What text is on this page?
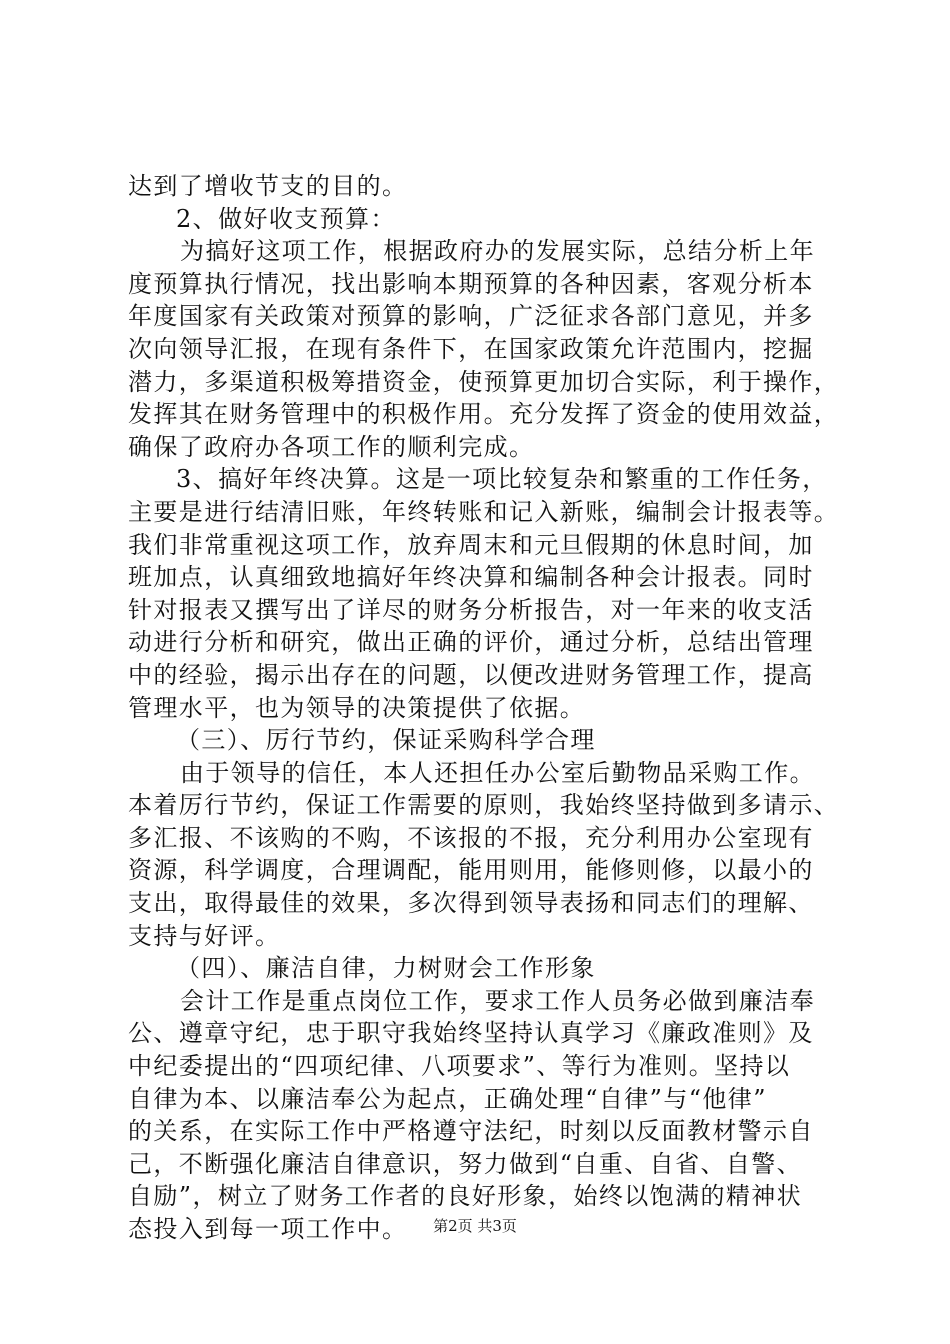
达到了增收节支的目的。
2、做好收支预算：
为搞好这项工作，根据政府办的发展实际，总结分析上年
度预算执行情况，找出影响本期预算的各种因素，客观分析本
年度国家有关政策对预算的影响，广泛征求各部门意见，并多
次向领导汇报，在现有条件下，在国家政策允许范围内，挖掘
潜力，多渠道积极筹措资金，使预算更加切合实际，利于操作，
发挥其在财务管理中的积极作用。充分发挥了资金的使用效益，
确保了政府办各项工作的顺利完成。
3、搞好年终决算。这是一项比较复杂和繁重的工作任务，
主要是进行结清旧账，年终转账和记入新账，编制会计报表等。
我们非常重视这项工作，放弃周末和元旦假期的休息时间，加
班加点，认真细致地搞好年终决算和编制各种会计报表。同时
针对报表又撰写出了详尽的财务分析报告，对一年来的收支活
动进行分析和研究，做出正确的评价，通过分析，总结出管理
中的经验，揭示出存在的问题，以便改进财务管理工作，提高
管理水平，也为领导的决策提供了依据。
（三）、厉行节约，保证采购科学合理
由于领导的信任，本人还担任办公室后勤物品采购工作。
本着厉行节约，保证工作需要的原则，我始终坚持做到多请示、
多汇报、不该购的不购，不该报的不报，充分利用办公室现有
资源，科学调度，合理调配，能用则用，能修则修，以最小的
支出，取得最佳的效果，多次得到领导表扬和同志们的理解、
支持与好评。
（四）、廉洁自律，力树财会工作形象
会计工作是重点岗位工作，要求工作人员务必做到廉洁奉
公、遵章守纪，忠于职守我始终坚持认真学习《廉政准则》及
中纪委提出的“四项纪律、八项要求”、等行为准则。坚持以
自律为本、以廉洁奉公为起点，正确处理“自律”与“他律”
的关系，在实际工作中严格遵守法纪，时刻以反面教材警示自
己，不断强化廉洁自律意识，努力做到“自重、自省、自警、
自励”，树立了财务工作者的良好形象，始终以饱满的精神状
态投入到每一项工作中。	第2页 共3页
